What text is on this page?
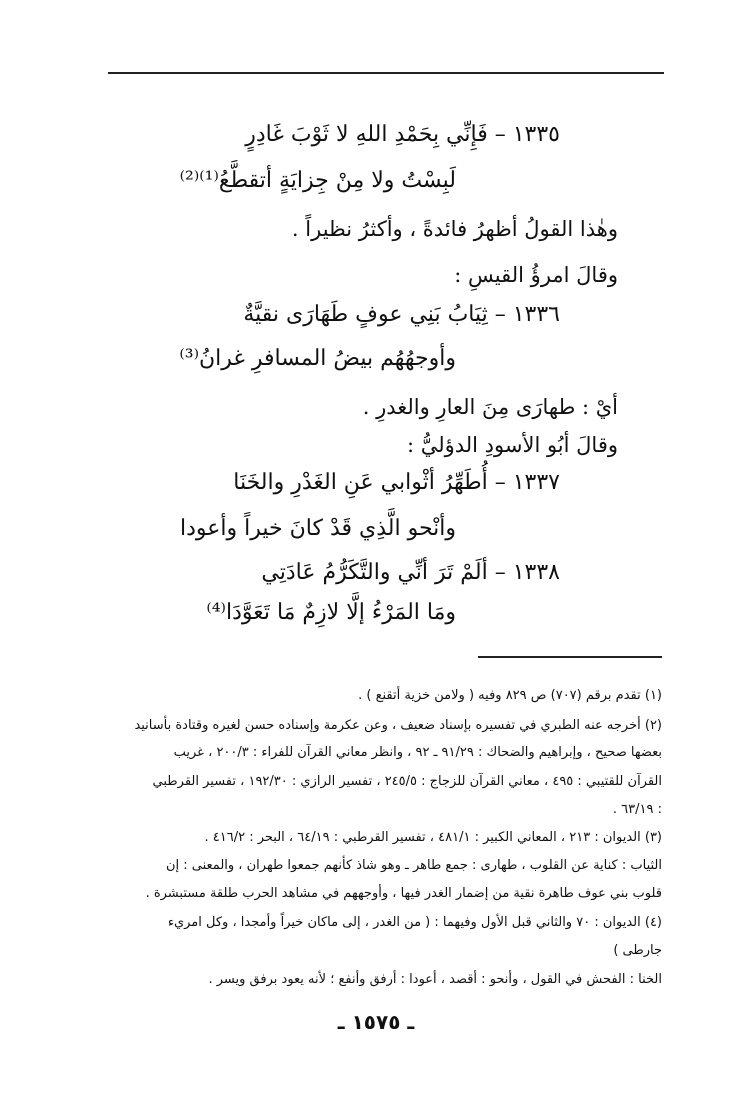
١٣٣٥ – فَإِنِّي بِحَمْدِ اللهِ لا ثَوْبَ غَادِرٍ
لَبِسْتُ ولا مِنْ جِزايَةٍ أتقطَّعُ⁽¹⁾⁽²⁾
وهٰذا القولُ أظهرُ فائدةً ، وأكثرُ نظيراً .
وقالَ امرؤُ القيسِ :
١٣٣٦ – ثِيَابُ بَنِي عوفٍ طَهَارَى نقيَّةٌ
وأوجهُهُم بيضُ المسافرِ غرانُ⁽³⁾
أيْ : طهارَى مِنَ العارِ والغدرِ .
وقالَ أبُو الأسودِ الدؤليُّ :
١٣٣٧ – أُطَهِّرُ أثْوابي عَنِ الغَدْرِ والخَنَا
وأنْحو الَّذِي قَدْ كانَ خيراً وأعودا
١٣٣٨ – ألَمْ تَرَ أنِّي والتَّكَرُّمُ عَادَتِي
ومَا المَرْءُ إلَّا لازِمٌ مَا تَعَوَّدَا⁽⁴⁾
(١) تقدم برقم (٧٠٧) ص ٨٢٩ وفيه ( ولامن خزية أتقنع ) .
(٢) أخرجه عنه الطبري في تفسيره بإسناد ضعيف ، وعن عكرمة وإسناده حسن لغيره وقتادة بأسانيد
بعضها صحيح ، وإبراهيم والضحاك : ٩١/٢٩ ـ ٩٢ ، وانظر معاني القرآن للفراء : ٢٠٠/٣ ، غريب
القرآن للقتيبي : ٤٩٥ ، معاني القرآن للزجاج : ٢٤٥/٥ ، تفسير الرازي : ١٩٢/٣٠ ، تفسير القرطبي
: ٦٣/١٩ .
(٣) الديوان : ٢١٣ ، المعاني الكبير : ٤٨١/١ ، تفسير القرطبي : ٦٤/١٩ ، البحر : ٤١٦/٢ .
الثياب : كناية عن القلوب ، طهارى : جمع طاهر ـ وهو شاذ كأنهم جمعوا طهران ، والمعنى : إن
قلوب بني عوف طاهرة نقية من إضمار الغدر فيها ، وأوجههم في مشاهد الحرب طلقة مستبشرة .
(٤) الديوان : ٧٠ والثاني قبل الأول وفيهما : ( من الغدر ، إلى ماكان خيراً وأمجدا ، وكل امريء
جارطى )
الخنا : الفحش في القول ، وأنحو : أقصد ، أعودا : أرفق وأنفع ؛ لأنه يعود برفق ويسر .
ـ ١٥٧٥ ـ
